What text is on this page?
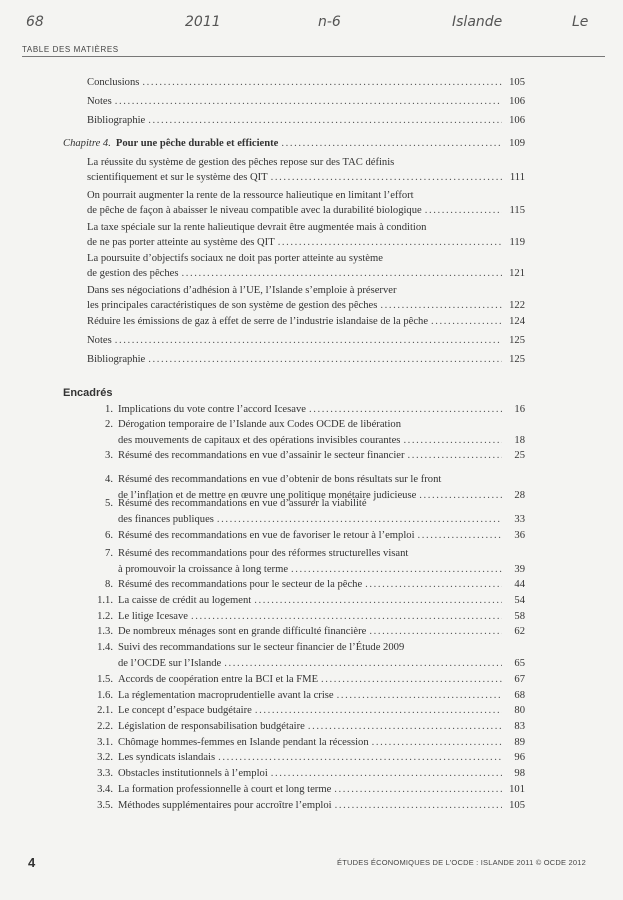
68	2011	n-6	Islande	Le
TABLE DES MATIÈRES
Conclusions .....	105
Notes .....	106
Bibliographie .....	106
Chapitre 4. Pour une pêche durable et efficiente .....	109
La réussite du système de gestion des pêches repose sur des TAC définis
scientifiquement et sur le système des QIT .....	111
On pourrait augmenter la rente de la ressource halieutique en limitant l’effort
de pêche de façon à abaisser le niveau compatible avec la durabilité biologique .....	115
La taxe spéciale sur la rente halieutique devrait être augmentée mais à condition
de ne pas porter atteinte au système des QIT .....	119
La poursuite d’objectifs sociaux ne doit pas porter atteinte au système
de gestion des pêches .....	121
Dans ses négociations d’adhésion à l’UE, l’Islande s’emploie à préserver
les principales caractéristiques de son système de gestion des pêches .....	122
Réduire les émissions de gaz à effet de serre de l’industrie islandaise de la pêche .....	124
Notes .....	125
Bibliographie .....	125
Encadrés
1. Implications du vote contre l’accord Icesave .....	16
2. Dérogation temporaire de l’Islande aux Codes OCDE de libération
des mouvements de capitaux et des opérations invisibles courantes .....	18
3. Résumé des recommandations en vue d’assainir le secteur financier .....	25
4. Résumé des recommandations en vue d’obtenir de bons résultats sur le front
de l’inflation et de mettre en œuvre une politique monétaire judicieuse .....	28
5. Résumé des recommandations en vue d’assurer la viabilité
des finances publiques .....	33
6. Résumé des recommandations en vue de favoriser le retour à l’emploi .....	36
7. Résumé des recommandations pour des réformes structurelles visant
à promouvoir la croissance à long terme .....	39
8. Résumé des recommandations pour le secteur de la pêche .....	44
1.1. La caisse de crédit au logement .....	54
1.2. Le litige Icesave .....	58
1.3. De nombreux ménages sont en grande difficulté financière .....	62
1.4. Suivi des recommandations sur le secteur financier de l’Étude 2009
de l’OCDE sur l’Islande .....	65
1.5. Accords de coopération entre la BCI et la FME .....	67
1.6. La réglementation macroprudentielle avant la crise .....	68
2.1. Le concept d’espace budgétaire .....	80
2.2. Législation de responsabilisation budgétaire .....	83
3.1. Chômage hommes-femmes en Islande pendant la récession .....	89
3.2. Les syndicats islandais .....	96
3.3. Obstacles institutionnels à l’emploi .....	98
3.4. La formation professionnelle à court et long terme .....	101
3.5. Méthodes supplémentaires pour accroître l’emploi .....	105
4	ÉTUDES ÉCONOMIQUES DE L’OCDE : ISLANDE 2011 © OCDE 2012
